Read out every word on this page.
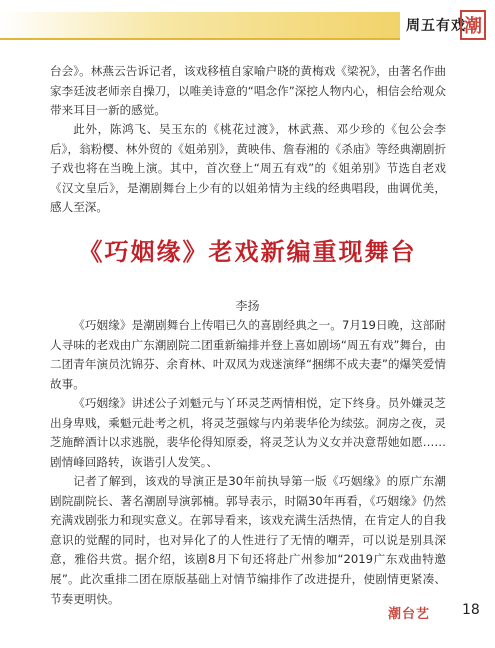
周五有戏
潮

台会》。林燕云告诉记者，该戏移植自家喻户晓的黄梅戏《梁祝》，由著名作曲家李廷波老师亲自操刀，以唯美诗意的“唱念作”深挖人物内心，相信会给观众带来耳目一新的感觉。

此外，陈鸿飞、吴玉东的《桃花过渡》，林武燕、邓少珍的《包公会李后》，翁粉樱、林外贸的《姐弟别》，黄映伟、詹春湘的《杀庙》等经典潮剧折子戏也将在当晚上演。其中，首次登上“周五有戏”的《姐弟别》节选自老戏《汉文皇后》，是潮剧舞台上少有的以姐弟情为主线的经典唱段，曲调优美，感人至深。

《巧姻缘》老戏新编重现舞台
李扬

《巧姻缘》是潮剧舞台上传唱已久的喜剧经典之一。7月19日晚，这部耐人寻味的老戏由广东潮剧院二团重新编排并登上喜如剧场“周五有戏”舞台，由二团青年演员沈锦芬、余育林、叶双凤为戏迷演绎“捆绑不成夫妻”的爆笑爱情故事。

《巧姻缘》讲述公子刘魁元与丫环灵芝两情相悦，定下终身。员外嫌灵芝出身卑贱，乘魁元赴考之机，将灵芝强嫁与内弟裴华伦为续弦。洞房之夜，灵芝施醉酒计以求逃脱，裴华伦得知原委，将灵芝认为义女并决意帮她如愿……剧情峰回路转，诙谐引人发笑。、

记者了解到，该戏的导演正是30年前执导第一版《巧姻缘》的原广东潮剧院副院长、著名潮剧导演郭楠。郭导表示，时隔30年再看，《巧姻缘》仍然充满戏剧张力和现实意义。在郭导看来，该戏充满生活热情，在肯定人的自我意识的觉醒的同时，也对异化了的人性进行了无情的嘲弄，可以说是别具深意，雅俗共赏。据介绍，该剧8月下旬还将赴广州参加“2019广东戏曲特邀展”。此次重排二团在原版基础上对情节编排作了改进提升，使剧情更紧凑、节奏更明快。

潮台艺 18
